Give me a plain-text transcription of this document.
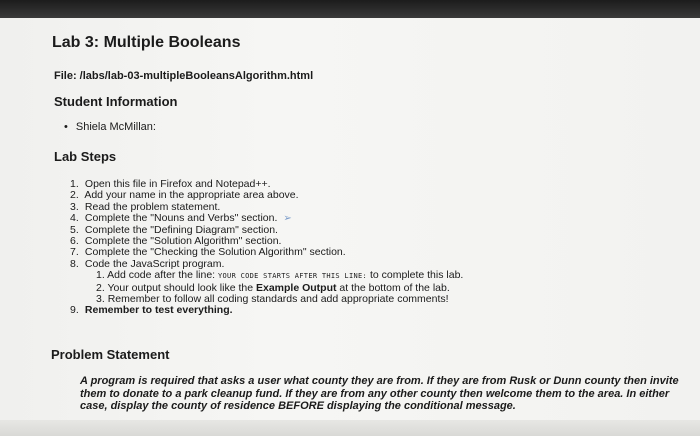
Lab 3: Multiple Booleans
File: /labs/lab-03-multipleBooleansAlgorithm.html
Student Information
• Shiela McMillan:
Lab Steps
1. Open this file in Firefox and Notepad++.
2. Add your name in the appropriate area above.
3. Read the problem statement.
4. Complete the "Nouns and Verbs" section. ➢
5. Complete the "Defining Diagram" section.
6. Complete the "Solution Algorithm" section.
7. Complete the "Checking the Solution Algorithm" section.
8. Code the JavaScript program.
1. Add code after the line: YOUR CODE STARTS AFTER THIS LINE: to complete this lab.
2. Your output should look like the Example Output at the bottom of the lab.
3. Remember to follow all coding standards and add appropriate comments!
9. Remember to test everything.
Problem Statement

A program is required that asks a user what county they are from. If they are from Rusk or Dunn county then invite them to donate to a park cleanup fund. If they are from any other county then welcome them to the area. In either case, display the county of residence BEFORE displaying the conditional message.
